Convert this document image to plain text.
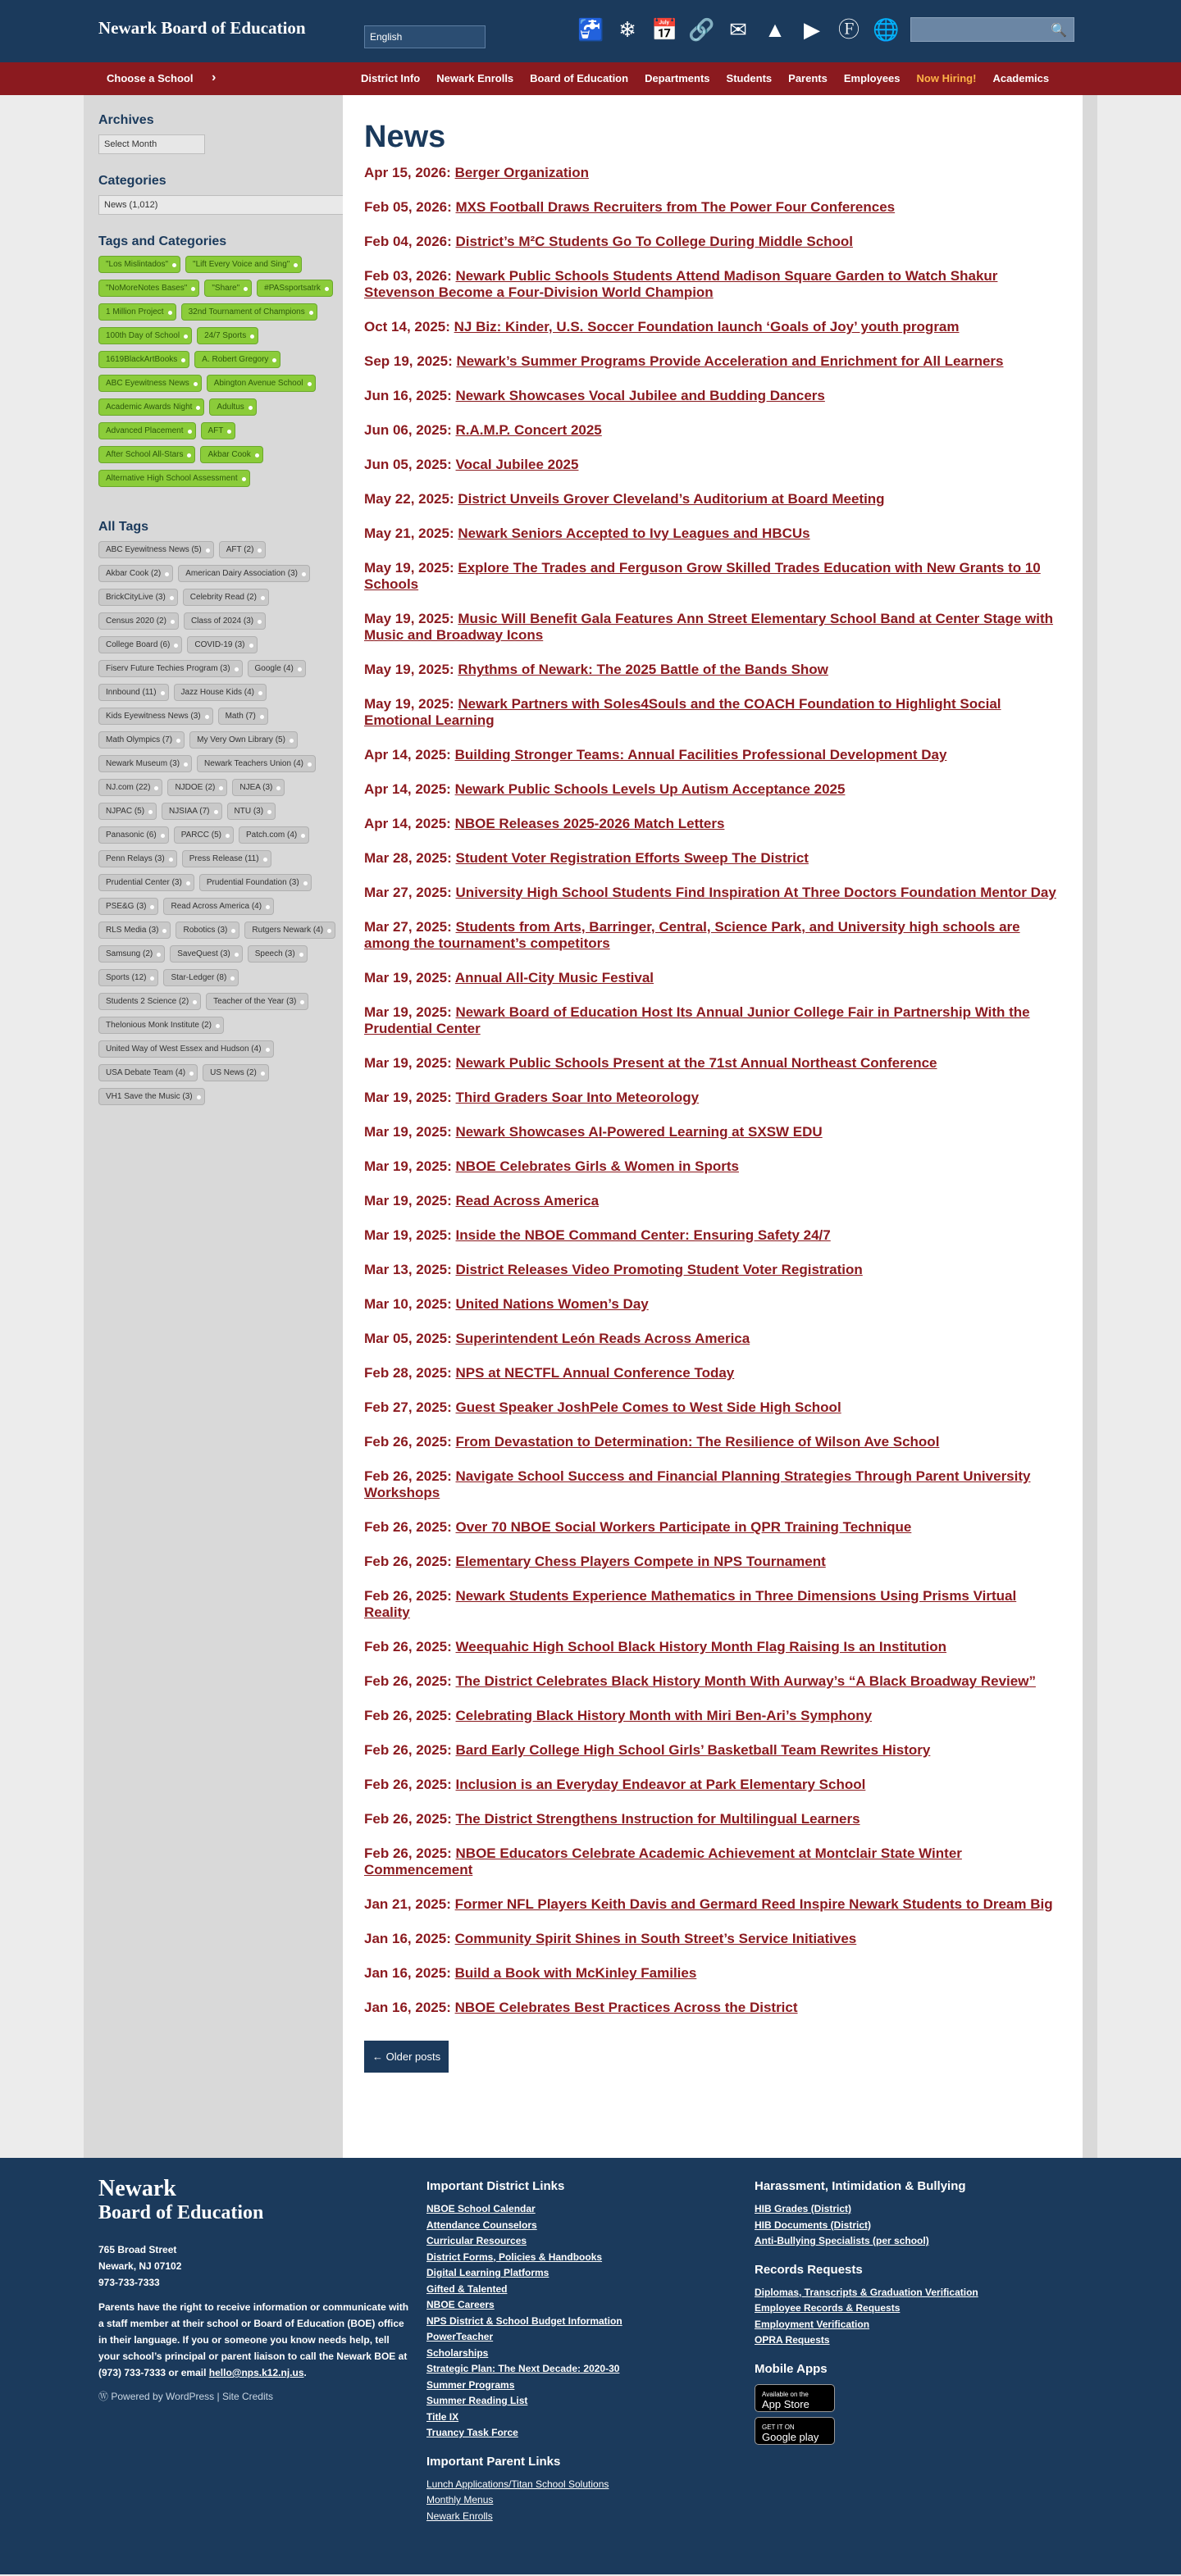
Newark Board of Education	English	🚰 ❄ 📅 🔗 ✉ ▲ ▶ Ⓕ 🌐	🔍
Choose a School ›	District Info Newark Enrolls Board of Education Departments Students Parents Employees Now Hiring! Academics
Archives
Select Month
Categories
News (1,012)
Tags and Categories
"Los Mislintados"	"Lift Every Voice and Sing"
"NoMoreNotes Bases"	"Share"	#PASsportsatrk
1 Million Project	32nd Tournament of Champions
100th Day of School	24/7 Sports
1619BlackArtBooks	A. Robert Gregory
ABC Eyewitness News	Abington Avenue School
Academic Awards Night	Adultus
Advanced Placement	AFT
After School All-Stars	Akbar Cook
Alternative High School Assessment
All Tags
ABC Eyewitness News (5)	AFT (2)
Akbar Cook (2)	American Dairy Association (3)
BrickCityLive (3)	Celebrity Read (2)
Census 2020 (2)	Class of 2024 (3)
College Board (6)	COVID-19 (3)
Fiserv Future Techies Program (3)	Google (4)
Innbound (11)	Jazz House Kids (4)
Kids Eyewitness News (3)	Math (7)
Math Olympics (7)	My Very Own Library (5)
Newark Museum (3)	Newark Teachers Union (4)
NJ.com (22)	NJDOE (2)	NJEA (3)
NJPAC (5)	NJSIAA (7)	NTU (3)
Panasonic (6)	PARCC (5)	Patch.com (4)
Penn Relays (3)	Press Release (11)
Prudential Center (3)	Prudential Foundation (3)
PSE&G (3)	Read Across America (4)
RLS Media (3)	Robotics (3)	Rutgers Newark (4)
Samsung (2)	SaveQuest (3)	Speech (3)
Sports (12)	Star-Ledger (8)
Students 2 Science (2)	Teacher of the Year (3)
Thelonious Monk Institute (2)
United Way of West Essex and Hudson (4)
USA Debate Team (4)	US News (2)
VH1 Save the Music (3)
News
Apr 15, 2026: Berger Organization
Feb 05, 2026: MXS Football Draws Recruiters from The Power Four Conferences
Feb 04, 2026: District’s M²C Students Go To College During Middle School
Feb 03, 2026: Newark Public Schools Students Attend Madison Square Garden to Watch Shakur Stevenson Become a Four-Division World Champion
Oct 14, 2025: NJ Biz: Kinder, U.S. Soccer Foundation launch ‘Goals of Joy’ youth program
Sep 19, 2025: Newark’s Summer Programs Provide Acceleration and Enrichment for All Learners
Jun 16, 2025: Newark Showcases Vocal Jubilee and Budding Dancers
Jun 06, 2025: R.A.M.P. Concert 2025
Jun 05, 2025: Vocal Jubilee 2025
May 22, 2025: District Unveils Grover Cleveland’s Auditorium at Board Meeting
May 21, 2025: Newark Seniors Accepted to Ivy Leagues and HBCUs
May 19, 2025: Explore The Trades and Ferguson Grow Skilled Trades Education with New Grants to 10 Schools
May 19, 2025: Music Will Benefit Gala Features Ann Street Elementary School Band at Center Stage with Music and Broadway Icons
May 19, 2025: Rhythms of Newark: The 2025 Battle of the Bands Show
May 19, 2025: Newark Partners with Soles4Souls and the COACH Foundation to Highlight Social Emotional Learning
Apr 14, 2025: Building Stronger Teams: Annual Facilities Professional Development Day
Apr 14, 2025: Newark Public Schools Levels Up Autism Acceptance 2025
Apr 14, 2025: NBOE Releases 2025-2026 Match Letters
Mar 28, 2025: Student Voter Registration Efforts Sweep The District
Mar 27, 2025: University High School Students Find Inspiration At Three Doctors Foundation Mentor Day
Mar 27, 2025: Students from Arts, Barringer, Central, Science Park, and University high schools are among the tournament’s competitors
Mar 19, 2025: Annual All-City Music Festival
Mar 19, 2025: Newark Board of Education Host Its Annual Junior College Fair in Partnership With the Prudential Center
Mar 19, 2025: Newark Public Schools Present at the 71st Annual Northeast Conference
Mar 19, 2025: Third Graders Soar Into Meteorology
Mar 19, 2025: Newark Showcases AI-Powered Learning at SXSW EDU
Mar 19, 2025: NBOE Celebrates Girls & Women in Sports
Mar 19, 2025: Read Across America
Mar 19, 2025: Inside the NBOE Command Center: Ensuring Safety 24/7
Mar 13, 2025: District Releases Video Promoting Student Voter Registration
Mar 10, 2025: United Nations Women’s Day
Mar 05, 2025: Superintendent León Reads Across America
Feb 28, 2025: NPS at NECTFL Annual Conference Today
Feb 27, 2025: Guest Speaker JoshPele Comes to West Side High School
Feb 26, 2025: From Devastation to Determination: The Resilience of Wilson Ave School
Feb 26, 2025: Navigate School Success and Financial Planning Strategies Through Parent University Workshops
Feb 26, 2025: Over 70 NBOE Social Workers Participate in QPR Training Technique
Feb 26, 2025: Elementary Chess Players Compete in NPS Tournament
Feb 26, 2025: Newark Students Experience Mathematics in Three Dimensions Using Prisms Virtual Reality
Feb 26, 2025: Weequahic High School Black History Month Flag Raising Is an Institution
Feb 26, 2025: The District Celebrates Black History Month With Aurway’s “A Black Broadway Review”
Feb 26, 2025: Celebrating Black History Month with Miri Ben-Ari’s Symphony
Feb 26, 2025: Bard Early College High School Girls’ Basketball Team Rewrites History
Feb 26, 2025: Inclusion is an Everyday Endeavor at Park Elementary School
Feb 26, 2025: The District Strengthens Instruction for Multilingual Learners
Feb 26, 2025: NBOE Educators Celebrate Academic Achievement at Montclair State Winter Commencement
Jan 21, 2025: Former NFL Players Keith Davis and Germard Reed Inspire Newark Students to Dream Big
Jan 16, 2025: Community Spirit Shines in South Street’s Service Initiatives
Jan 16, 2025: Build a Book with McKinley Families
Jan 16, 2025: NBOE Celebrates Best Practices Across the District
← Older posts
Newark
Board of Education
765 Broad Street
Newark, NJ 07102
973-733-7333
Parents have the right to receive information or communicate with a staff member at their school or Board of Education (BOE) office in their language. If you or someone you know needs help, tell your school’s principal or parent liaison to call the Newark BOE at (973) 733-7333 or email hello@nps.k12.nj.us.
Ⓦ Powered by WordPress | Site Credits
Important District Links
NBOE School Calendar
Attendance Counselors
Curricular Resources
District Forms, Policies & Handbooks
Digital Learning Platforms
Gifted & Talented
NBOE Careers
NPS District & School Budget Information
PowerTeacher
Scholarships
Strategic Plan: The Next Decade: 2020-30
Summer Programs
Summer Reading List
Title IX
Truancy Task Force
Important Parent Links
Lunch Applications/Titan School Solutions
Monthly Menus
Newark Enrolls
Harassment, Intimidation & Bullying
HIB Grades (District)
HIB Documents (District)
Anti-Bullying Specialists (per school)
Records Requests
Diplomas, Transcripts & Graduation Verification
Employee Records & Requests
Employment Verification
OPRA Requests
Mobile Apps
Available on the
App Store
GET IT ON
Google play
